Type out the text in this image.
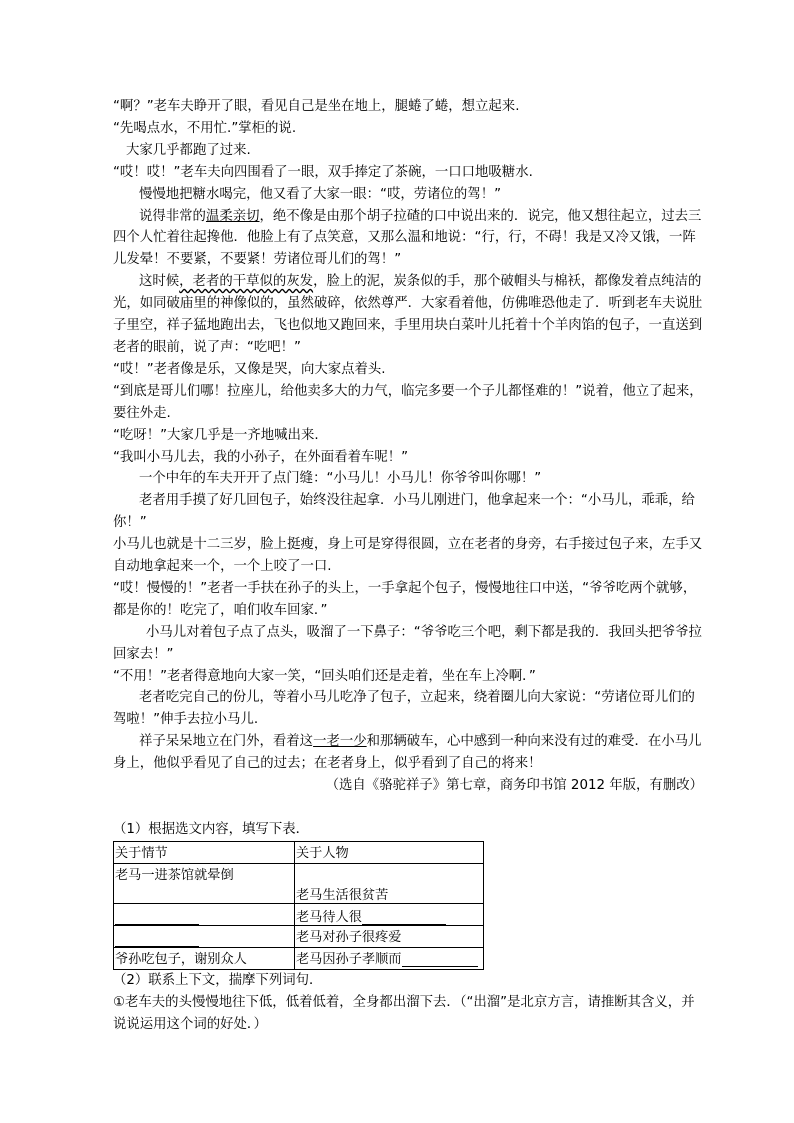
“啊？”老车夫睁开了眼，看见自己是坐在地上，腿蜷了蜷，想立起来.

“先喝点水，不用忙.”掌柜的说.

大家几乎都跑了过来.

“哎！哎！”老车夫向四围看了一眼，双手捧定了茶碗，一口口地吸糖水.

慢慢地把糖水喝完，他又看了大家一眼：“哎，劳诸位的驾！”

说得非常的温柔亲切，绝不像是由那个胡子拉碴的口中说出来的．说完，他又想往起立，过去三四个人忙着往起搀他．他脸上有了点笑意，又那么温和地说：“行，行，不碍！我是又冷又饿，一阵儿发晕！不要紧，不要紧！劳诸位哥儿们的驾！”

这时候，老者的干草似的灰发，脸上的泥，炭条似的手，那个破帽头与棉袄，都像发着点纯洁的光，如同破庙里的神像似的，虽然破碎，依然尊严．大家看着他，仿佛唯恐他走了．听到老车夫说肚子里空，祥子猛地跑出去，飞也似地又跑回来，手里用块白菜叶儿托着十个羊肉馅的包子，一直送到老者的眼前，说了声：“吃吧！”

“哎！”老者像是乐，又像是哭，向大家点着头.

“到底是哥儿们哪！拉座儿，给他卖多大的力气，临完多要一个子儿都怪难的！”说着，他立了起来，要往外走.

“吃呀！”大家几乎是一齐地喊出来.

“我叫小马儿去，我的小孙子，在外面看着车呢！”

一个中年的车夫开开了点门缝：“小马儿！小马儿！你爷爷叫你哪！”

老者用手摸了好几回包子，始终没往起拿．小马儿刚进门，他拿起来一个：“小马儿，乖乖，给你！”

小马儿也就是十二三岁，脸上挺瘦，身上可是穿得很圆，立在老者的身旁，右手接过包子来，左手又自动地拿起来一个，一个上咬了一口.

“哎！慢慢的！”老者一手扶在孙子的头上，一手拿起个包子，慢慢地往口中送，“爷爷吃两个就够，都是你的！吃完了，咱们收车回家．”

小马儿对着包子点了点头，吸溜了一下鼻子：“爷爷吃三个吧，剩下都是我的．我回头把爷爷拉回家去！”

“不用！”老者得意地向大家一笑，“回头咱们还是走着，坐在车上冷啊．”

老者吃完自己的份儿，等着小马儿吃净了包子，立起来，绕着圈儿向大家说：“劳诸位哥儿们的驾啦！”伸手去拉小马儿.

祥子呆呆地立在门外，看着这一老一少和那辆破车，心中感到一种向来没有过的难受．在小马儿身上，他似乎看见了自己的过去；在老者身上，似乎看到了自己的将来！

（选自《骆驼祥子》第七章，商务印书馆 2012 年版，有删改）

（1）根据选文内容，填写下表．

关于情节	关于人物
老马一进茶馆就晕倒	
	老马生活很贫苦
	老马待人很
	老马对孙子很疼爱
爷孙吃包子，谢别众人	老马因孙子孝顺而

（2）联系上下文，揣摩下列词句．

①老车夫的头慢慢地往下低，低着低着，全身都出溜下去．（“出溜”是北京方言，请推断其含义，并说说运用这个词的好处．）
